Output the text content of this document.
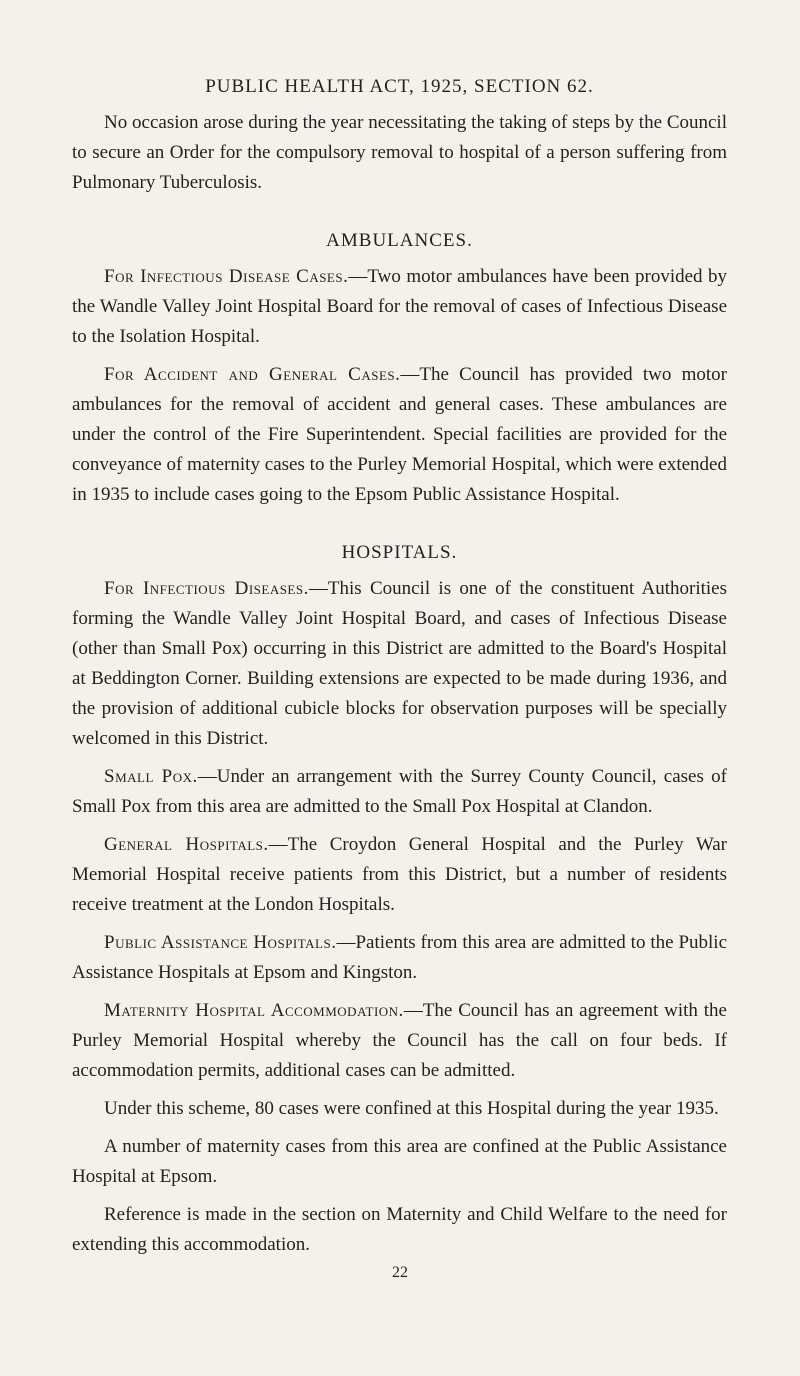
PUBLIC HEALTH ACT, 1925, SECTION 62.

No occasion arose during the year necessitating the taking of steps by the Council to secure an Order for the compulsory removal to hospital of a person suffering from Pulmonary Tuberculosis.

AMBULANCES.

For Infectious Disease Cases.—Two motor ambulances have been provided by the Wandle Valley Joint Hospital Board for the removal of cases of Infectious Disease to the Isolation Hospital.

For Accident and General Cases.—The Council has provided two motor ambulances for the removal of accident and general cases. These ambulances are under the control of the Fire Superintendent. Special facilities are provided for the conveyance of maternity cases to the Purley Memorial Hospital, which were extended in 1935 to include cases going to the Epsom Public Assistance Hospital.

HOSPITALS.

For Infectious Diseases.—This Council is one of the constituent Authorities forming the Wandle Valley Joint Hospital Board, and cases of Infectious Disease (other than Small Pox) occurring in this District are admitted to the Board's Hospital at Beddington Corner. Building extensions are expected to be made during 1936, and the provision of additional cubicle blocks for observation purposes will be specially welcomed in this District.

Small Pox.—Under an arrangement with the Surrey County Council, cases of Small Pox from this area are admitted to the Small Pox Hospital at Clandon.

General Hospitals.—The Croydon General Hospital and the Purley War Memorial Hospital receive patients from this District, but a number of residents receive treatment at the London Hospitals.

Public Assistance Hospitals.—Patients from this area are admitted to the Public Assistance Hospitals at Epsom and Kingston.

Maternity Hospital Accommodation.—The Council has an agreement with the Purley Memorial Hospital whereby the Council has the call on four beds. If accommodation permits, additional cases can be admitted.

Under this scheme, 80 cases were confined at this Hospital during the year 1935.

A number of maternity cases from this area are confined at the Public Assistance Hospital at Epsom.

Reference is made in the section on Maternity and Child Welfare to the need for extending this accommodation.

22
